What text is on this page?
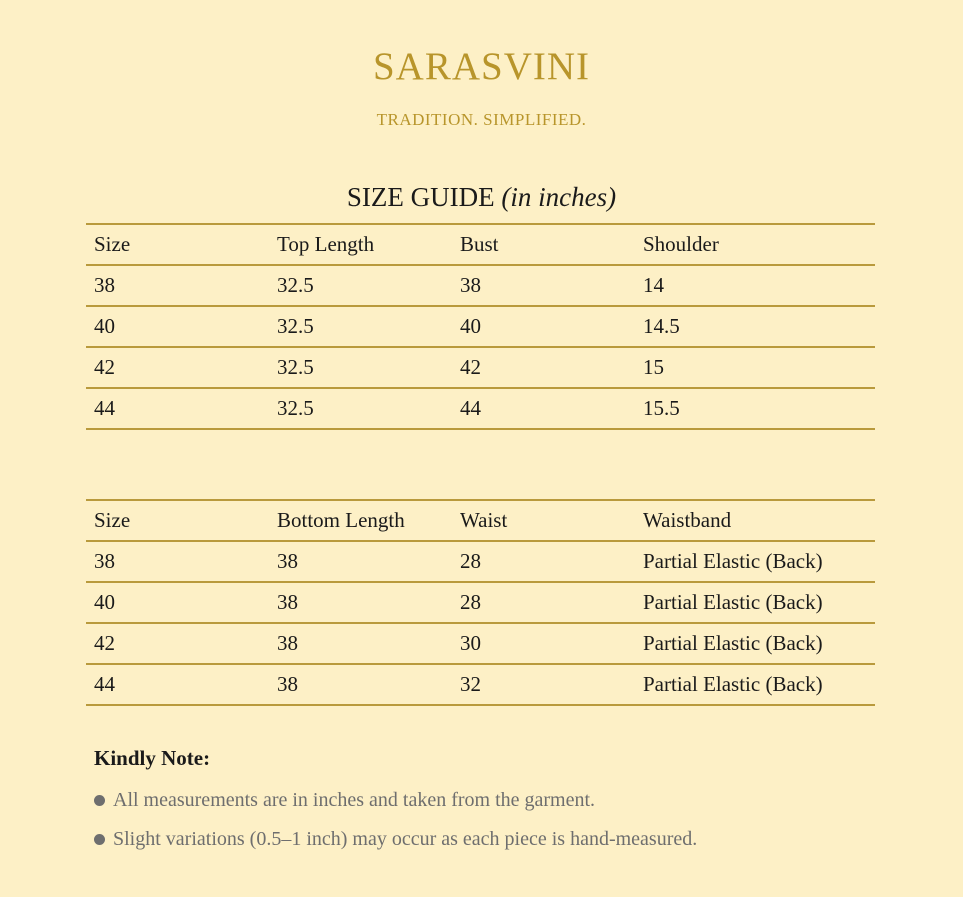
SARASVINI
TRADITION. SIMPLIFIED.
SIZE GUIDE (in inches)
Size	Top Length	Bust	Shoulder
38	32.5	38	14
40	32.5	40	14.5
42	32.5	42	15
44	32.5	44	15.5
Size	Bottom Length	Waist	Waistband
38	38	28	Partial Elastic (Back)
40	38	28	Partial Elastic (Back)
42	38	30	Partial Elastic (Back)
44	38	32	Partial Elastic (Back)
Kindly Note:
All measurements are in inches and taken from the garment.
Slight variations (0.5–1 inch) may occur as each piece is hand-measured.
